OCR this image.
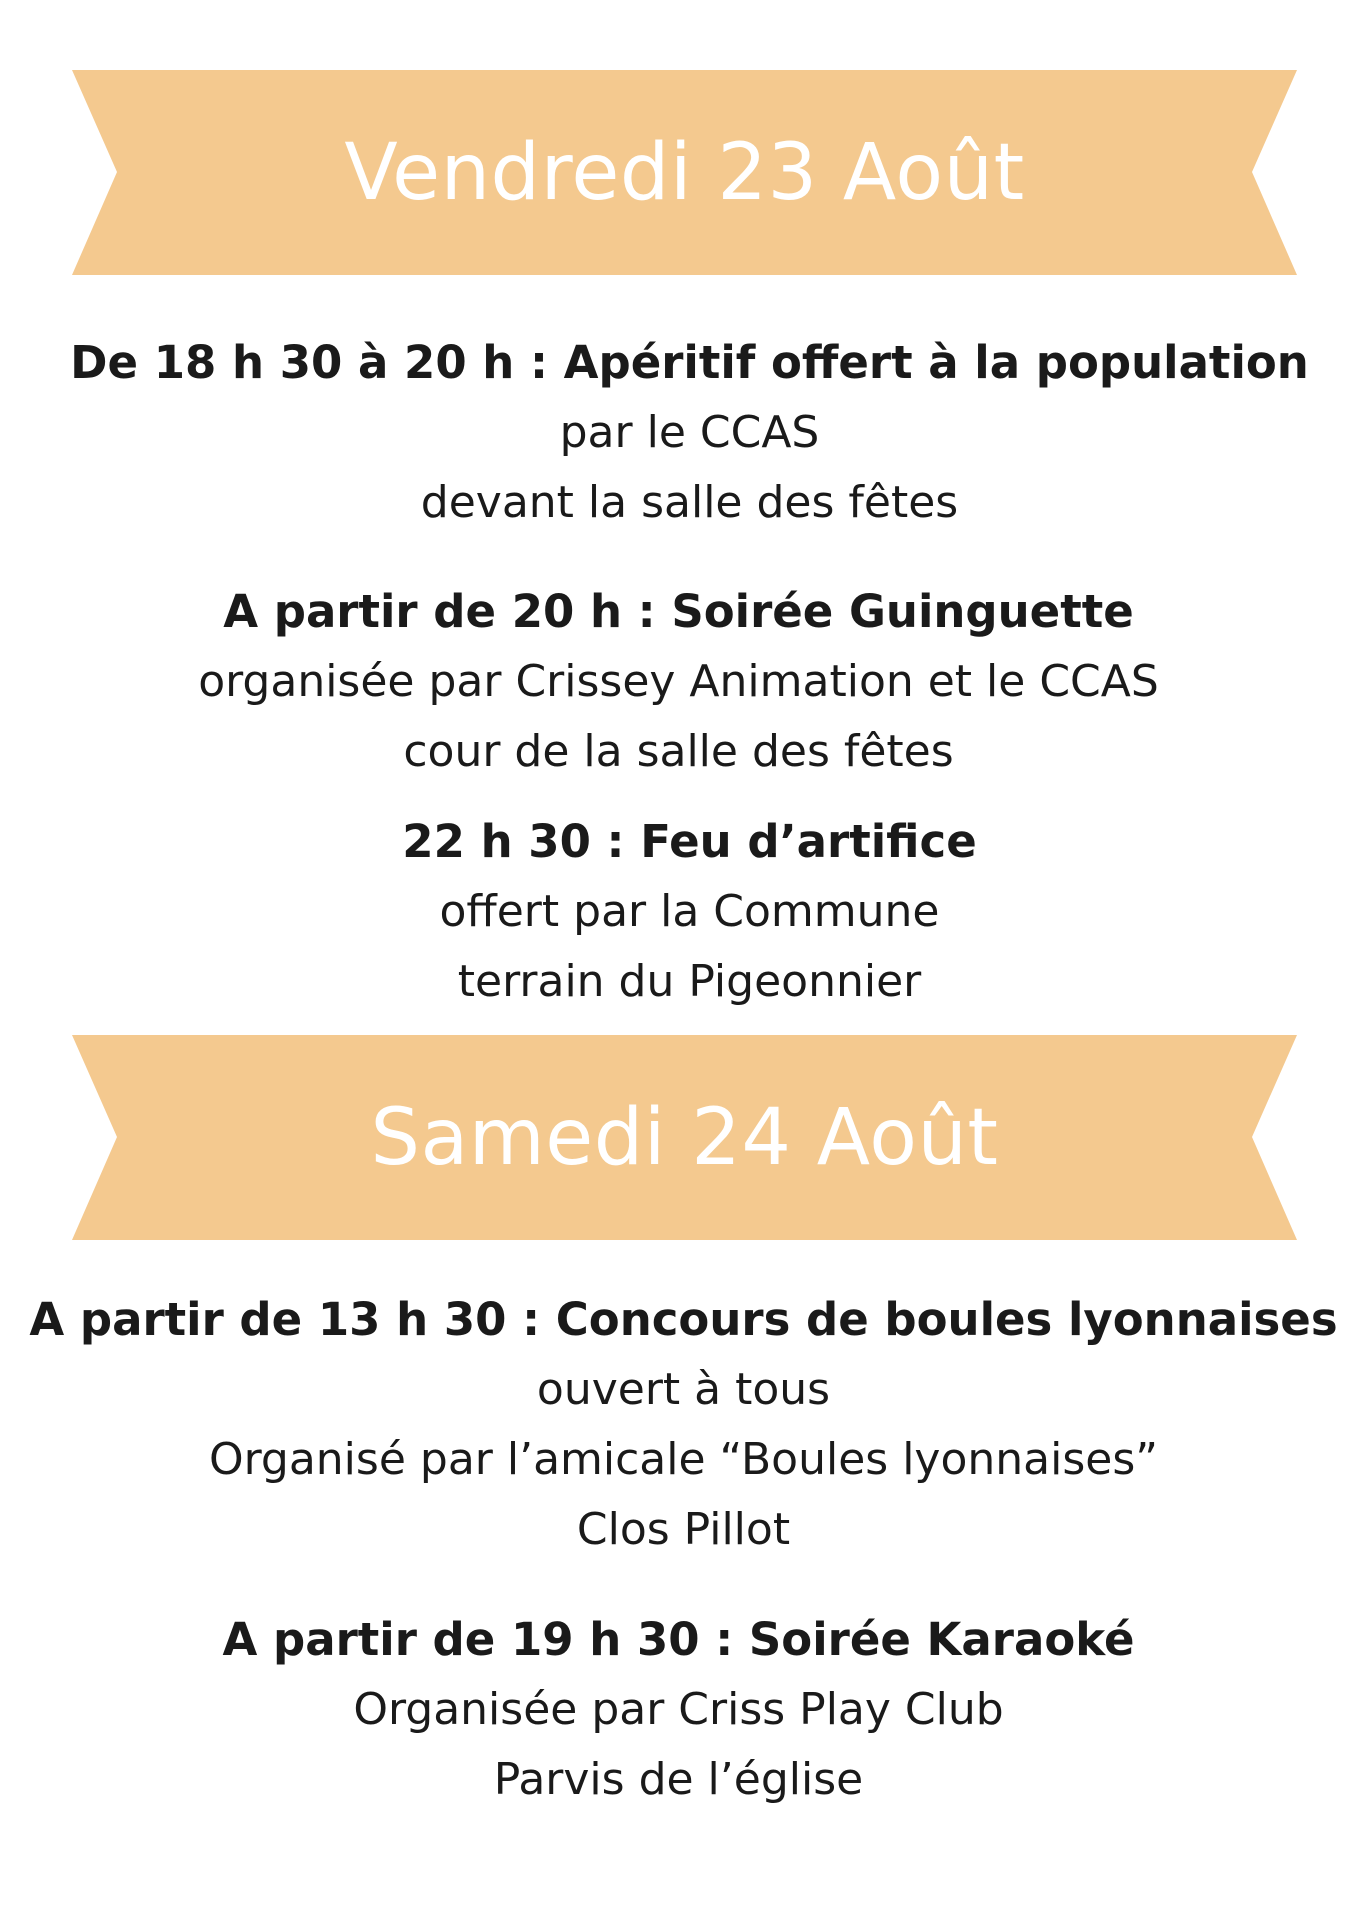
Vendredi 23 Août
De 18 h 30 à 20 h : Apéritif offert à la population
par le CCAS
devant la salle des fêtes
A partir de 20 h : Soirée Guinguette
organisée par Crissey Animation et le CCAS
cour de la salle des fêtes
22 h 30 : Feu d’artifice
offert par la Commune
terrain du Pigeonnier
Samedi 24 Août
A partir de 13 h 30 : Concours de boules lyonnaises
ouvert à tous
Organisé par l’amicale “Boules lyonnaises”
Clos Pillot
A partir de 19 h 30 : Soirée Karaoké
Organisée par Criss Play Club
Parvis de l’église
